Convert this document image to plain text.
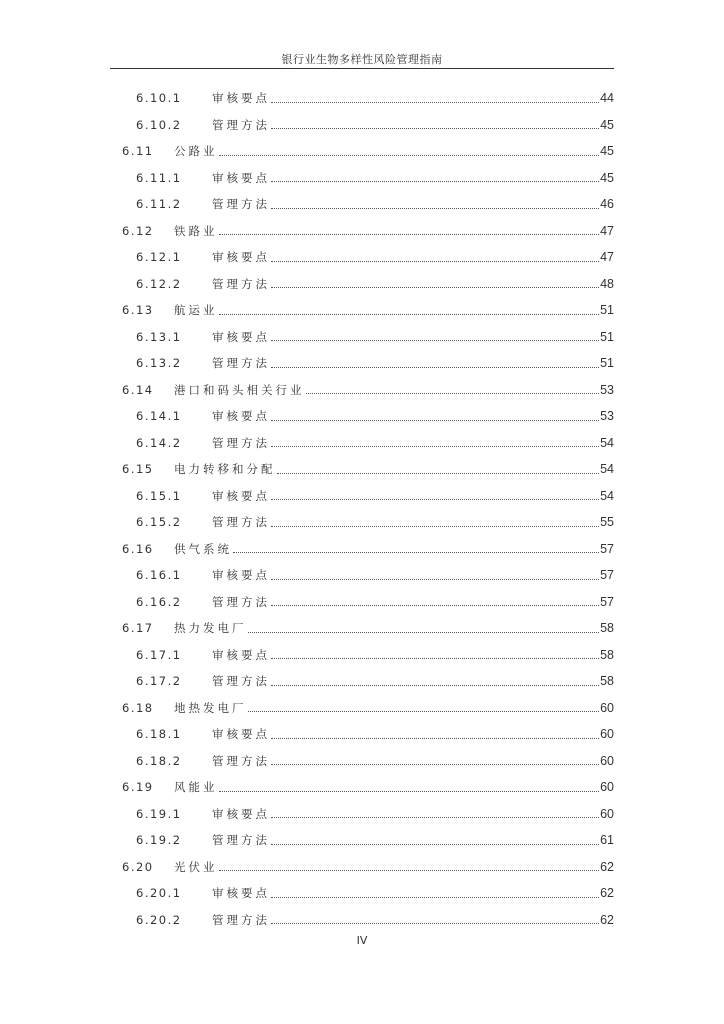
银行业生物多样性风险管理指南
6.10.1	审核要点	44
6.10.2	管理方法	45
6.11	公路业	45
6.11.1	审核要点	45
6.11.2	管理方法	46
6.12	铁路业	47
6.12.1	审核要点	47
6.12.2	管理方法	48
6.13	航运业	51
6.13.1	审核要点	51
6.13.2	管理方法	51
6.14	港口和码头相关行业	53
6.14.1	审核要点	53
6.14.2	管理方法	54
6.15	电力转移和分配	54
6.15.1	审核要点	54
6.15.2	管理方法	55
6.16	供气系统	57
6.16.1	审核要点	57
6.16.2	管理方法	57
6.17	热力发电厂	58
6.17.1	审核要点	58
6.17.2	管理方法	58
6.18	地热发电厂	60
6.18.1	审核要点	60
6.18.2	管理方法	60
6.19	风能业	60
6.19.1	审核要点	60
6.19.2	管理方法	61
6.20	光伏业	62
6.20.1	审核要点	62
6.20.2	管理方法	62
IV
